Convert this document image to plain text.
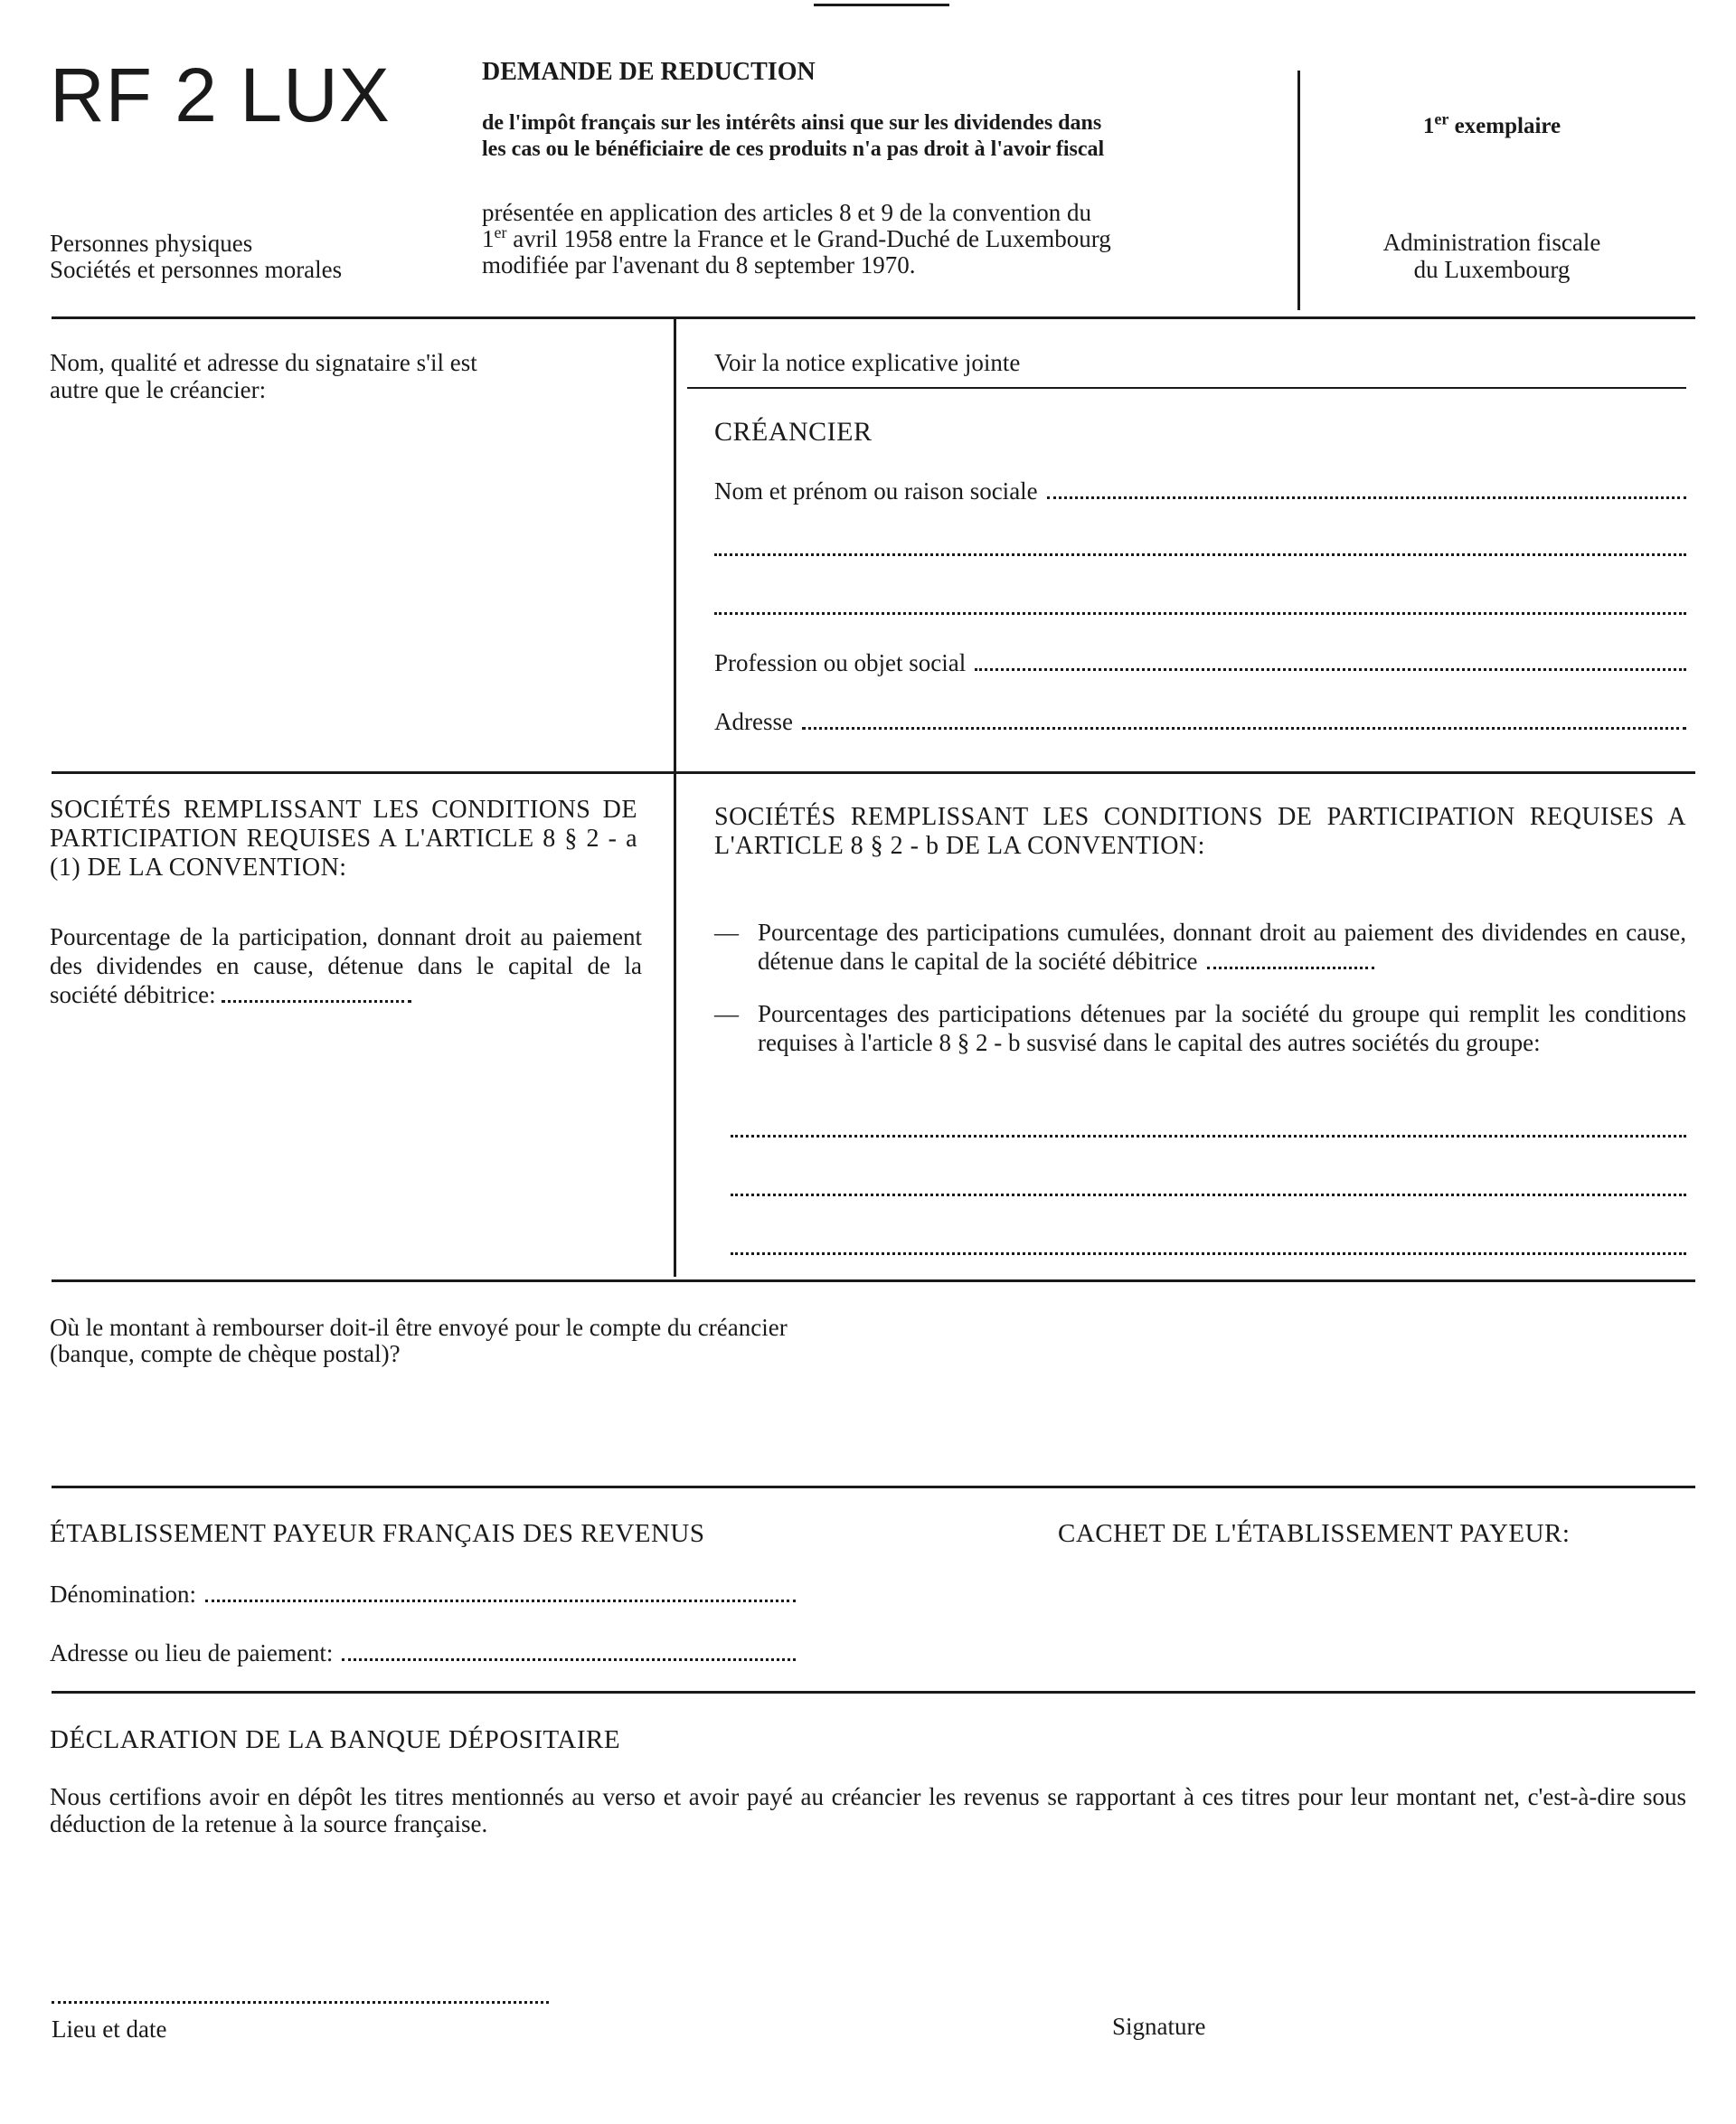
RF 2 LUX	DEMANDE DE REDUCTION
de l'impôt français sur les intérêts ainsi que sur les dividendes dans
les cas ou le bénéficiaire de ces produits n'a pas droit à l'avoir fiscal
présentée en application des articles 8 et 9 de la convention du
1er avril 1958 entre la France et le Grand-Duché de Luxembourg
modifiée par l'avenant du 8 september 1970.
Personnes physiques
Sociétés et personnes morales
1er exemplaire
Administration fiscale
du Luxembourg
Nom, qualité et adresse du signataire s'il est
autre que le créancier:
Voir la notice explicative jointe
CRÉANCIER
Nom et prénom ou raison sociale
Profession ou objet social
Adresse
SOCIÉTÉS REMPLISSANT LES CONDITIONS DE PARTICIPATION REQUISES A L'ARTICLE 8 § 2 - a (1) DE LA CONVENTION:
Pourcentage de la participation, donnant droit au paiement des dividendes en cause, détenue dans le capital de la société débitrice:
SOCIÉTÉS REMPLISSANT LES CONDITIONS DE PARTICIPATION REQUISES A L'ARTICLE 8 § 2 - b DE LA CONVENTION:
— Pourcentage des participations cumulées, donnant droit au paiement des dividendes en cause, détenue dans le capital de la société débitrice
— Pourcentages des participations détenues par la société du groupe qui remplit les conditions requises à l'article 8 § 2 - b susvisé dans le capital des autres sociétés du groupe:
Où le montant à rembourser doit-il être envoyé pour le compte du créancier
(banque, compte de chèque postal)?
ÉTABLISSEMENT PAYEUR FRANÇAIS DES REVENUS	CACHET DE L'ÉTABLISSEMENT PAYEUR:
Dénomination:
Adresse ou lieu de paiement:
DÉCLARATION DE LA BANQUE DÉPOSITAIRE
Nous certifions avoir en dépôt les titres mentionnés au verso et avoir payé au créancier les revenus se rapportant à ces titres pour leur montant net, c'est-à-dire sous déduction de la retenue à la source française.
Lieu et date	Signature
